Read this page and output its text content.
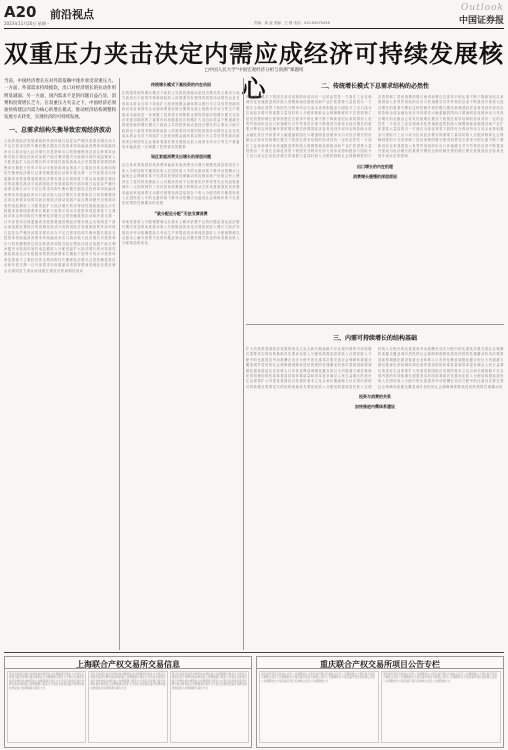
A20 前沿视点
2023年11月20日 星期一	责编：周 凌 美编：王 强 电话：010-63070458
Outlook
中国证券报
双重压力夹击决定内需应成经济可持续发展核心
□中国人民大学“中国宏观经济分析与预测”课题组
当前，中国经济增长在对外需依赖中逐步承受双重压力。一方面，外部需求持续疲软，出口对经济增长的拉动作用明显减弱；另一方面，国内需求不足的问题日益凸显，消费和投资增长乏力。在双重压力夹击之下，中国经济必须加快构建以内需为核心的增长模式，推动经济结构调整和发展方式转变，实现经济的可持续发展。
一、总需求结构失衡导致宏观经济波动
当前我国经济发展面临的外部环境日趋复杂严峻内部需求增长动力不足总需求结构失衡问题长期存在投资率持续偏高消费率持续偏低净出口波动较大经济增长对投资和出口的依赖程度过高这种需求结构导致宏观经济波动加剧产能过剩问题突出资源环境约束趋紧收入分配差距扩大经济增长的可持续性面临挑战从历史数据来看我国消费率长期低于世界平均水平投资率则显著高于主要经济体这种结构性失衡使经济增长过度依赖投资拉动和外需支撑一旦外部需求出现萎缩或者投资增速放缓经济增长就会出现明显下滑从而加剧宏观经济的周期性波动当前我国经济发展面临的外部环境日趋复杂严峻内部需求增长动力不足总需求结构失衡问题长期存在投资率持续偏高消费率持续偏低净出口波动较大经济增长对投资和出口的依赖程度过高这种需求结构导致宏观经济波动加剧产能过剩问题突出资源环境约束趋紧收入分配差距扩大经济增长的可持续性面临挑战从历史数据来看我国消费率长期低于世界平均水平投资率则显著高于主要经济体这种结构性失衡使经济增长过度依赖投资拉动和外需支撑一旦外部需求出现萎缩或者投资增速放缓经济增长就会出现明显下滑从而加剧宏观经济的周期性波动当前我国经济发展面临的外部环境日趋复杂严峻内部需求增长动力不足总需求结构失衡问题长期存在投资率持续偏高消费率持续偏低净出口波动较大经济增长对投资和出口的依赖程度过高这种需求结构导致宏观经济波动加剧产能过剩问题突出资源环境约束趋紧收入分配差距扩大经济增长的可持续性面临挑战从历史数据来看我国消费率长期低于世界平均水平投资率则显著高于主要经济体这种结构性失衡使经济增长过度依赖投资拉动和外需支撑一旦外部需求出现萎缩或者投资增速放缓经济增长就会出现明显下滑从而加剧宏观经济的周期性波动
传统增长模式下高投资的内在动因
在我国传统的增长模式下政府主导的投资驱动是经济增长的主要动力地方政府出于政绩考核和财政收入的需要具有强烈的投资冲动国有企业在低成本资金支持下持续扩大投资规模金融体系以银行为主导信贷资源向政府项目和国有企业倾斜要素价格长期被压低土地资本劳动力等生产要素成本偏低进一步刺激了投资需求的膨胀这种投资驱动型增长模式在经济发展初期发挥了重要作用但随着经济规模扩大其边际效益不断递减在我国传统的增长模式下政府主导的投资驱动是经济增长的主要动力地方政府出于政绩考核和财政收入的需要具有强烈的投资冲动国有企业在低成本资金支持下持续扩大投资规模金融体系以银行为主导信贷资源向政府项目和国有企业倾斜要素价格长期被压低土地资本劳动力等生产要素成本偏低进一步刺激了投资需求的膨胀
误区家庭消费支出增长的深层问题
从总体来看我国居民消费率偏低家庭消费支出增长缓慢其深层原因在于收入分配结构失衡居民收入在国民收入中的比重持续下降劳动报酬占比偏低社会保障体系不完善居民预防性储蓄动机较强房地产价格过快上涨挤压了居民的消费能力公共服务供给不足教育医疗养老等支出负担较重城乡二元结构制约了农村居民消费潜力的释放从总体来看我国居民消费率偏低家庭消费支出增长缓慢其深层原因在于收入分配结构失衡居民收入在国民收入中的比重持续下降劳动报酬占比偏低社会保障体系不完善居民预防性储蓄动机较强
“就分配论分配”无法支撑消费
单纯依靠收入分配调整难以从根本上解决消费不足的问题必须从经济增长模式转变的角度推动收入分配格局的优化实现居民收入增长与经济发展同步劳动报酬提高与劳动生产率提高同步单纯依靠收入分配调整难以从根本上解决消费不足的问题必须从经济增长模式转变的角度推动收入分配格局的优化
二、传统增长模式下总需求结构的必然性
传统增长模式下我国总需求结构的形成具有一定的必然性一方面在工业化和城市化快速推进的阶段大规模基础设施建设和产业扩张需要大量投资另一方面在全球化背景下我国充分利用劳动力成本优势积极参与国际分工出口成为拉动经济增长的重要力量同时收入分配体制和社会保障制度的不完善抑制了居民消费的增长使得消费在总需求中的比重不断下降新世纪以来我国加入世界贸易组织后出口快速增长对外贸易依存度不断提高外需成为经济增长的重要引擎但这种依赖外需的增长模式使我国经济容易受到外部冲击的影响全球金融危机后外部需求大幅萎缩我国出口增速明显放缓净出口对经济增长的贡献由正转负传统增长模式下我国总需求结构的形成具有一定的必然性一方面在工业化和城市化快速推进的阶段大规模基础设施建设和产业扩张需要大量投资另一方面在全球化背景下我国充分利用劳动力成本优势积极参与国际分工出口成为拉动经济增长的重要力量同时收入分配体制和社会保障制度的不完善抑制了居民消费的增长使得消费在总需求中的比重不断下降新世纪以来我国加入世界贸易组织后出口快速增长对外贸易依存度不断提高外需成为经济增长的重要引擎但这种依赖外需的增长模式使我国经济容易受到外部冲击的影响全球金融危机后外部需求大幅萎缩我国出口增速明显放缓净出口对经济增长的贡献由正转负传统增长模式下我国总需求结构的形成具有一定的必然性一方面在工业化和城市化快速推进的阶段大规模基础设施建设和产业扩张需要大量投资另一方面在全球化背景下我国充分利用劳动力成本优势积极参与国际分工出口成为拉动经济增长的重要力量同时收入分配体制和社会保障制度的不完善抑制了居民消费的增长使得消费在总需求中的比重不断下降新世纪以来我国加入世界贸易组织后出口快速增长对外贸易依存度不断提高外需成为经济增长的重要引擎但这种依赖外需的增长模式使我国经济容易受到外部冲击的影响
出口增长的内在机理
消费增长缓慢的深层原因
三、内需可持续增长的结构基础
扩大内需是我国经济发展的基本立足点和长期战略方针实现内需的可持续增长需要坚实的结构基础首先要优化收入分配结构提高居民收入在国民收入分配中的比重提高劳动报酬在初次分配中的比重其次要完善社会保障体系健全覆盖城乡居民的社会保障制度降低居民的预防性储蓄动机再次要推进新型城镇化建设促进农业转移人口市民化释放城镇化蕴含的巨大内需潜力最后要深化供给侧结构性改革提高供给体系质量和效率更好满足人民日益增长的美好生活需要扩大内需是我国经济发展的基本立足点和长期战略方针实现内需的可持续增长需要坚实的结构基础首先要优化收入分配结构提高居民收入在国民收入分配中的比重提高劳动报酬在初次分配中的比重其次要完善社会保障体系健全覆盖城乡居民的社会保障制度降低居民的预防性储蓄动机再次要推进新型城镇化建设促进农业转移人口市民化释放城镇化蕴含的巨大内需潜力最后要深化供给侧结构性改革提高供给体系质量和效率更好满足人民日益增长的美好生活需要扩大内需是我国经济发展的基本立足点和长期战略方针实现内需的可持续增长需要坚实的结构基础首先要优化收入分配结构提高居民收入在国民收入分配中的比重提高劳动报酬在初次分配中的比重其次要完善社会保障体系健全覆盖城乡居民的社会保障制度降低居民的预防性储蓄动机
投资与消费的关系
加快推进内需体系建设
上海联合产权交易所交易信息
项目名称项目编号挂牌价格挂牌起始日挂牌期满日联系方式项目名称项目编号挂牌价格挂牌起始日挂牌期满日联系方式项目名称项目编号挂牌价格挂牌起始日挂牌期满日联系方式项目名称项目编号挂牌价格挂牌起始日挂牌期满日联系方式项目名称项目编号挂牌价格挂牌起始日挂牌期满日联系方式
项目名称项目编号挂牌价格挂牌起始日挂牌期满日联系方式项目名称项目编号挂牌价格挂牌起始日挂牌期满日联系方式项目名称项目编号挂牌价格挂牌起始日挂牌期满日联系方式项目名称项目编号挂牌价格挂牌起始日挂牌期满日联系方式项目名称项目编号挂牌价格挂牌起始日挂牌期满日联系方式
项目名称项目编号挂牌价格挂牌起始日挂牌期满日联系方式项目名称项目编号挂牌价格挂牌起始日挂牌期满日联系方式项目名称项目编号挂牌价格挂牌起始日挂牌期满日联系方式项目名称项目编号挂牌价格挂牌起始日挂牌期满日联系方式项目名称项目编号挂牌价格挂牌起始日挂牌期满日联系方式
重庆联合产权交易所项目公告专栏
项目编号项目名称转让底价公告期限转让方项目编号项目名称转让底价公告期限转让方项目编号项目名称转让底价公告期限转让方项目编号项目名称转让底价公告期限转让方项目编号项目名称转让底价公告期限转让方项目编号项目名称转让底价公告期限转让方
项目编号项目名称转让底价公告期限转让方项目编号项目名称转让底价公告期限转让方项目编号项目名称转让底价公告期限转让方项目编号项目名称转让底价公告期限转让方项目编号项目名称转让底价公告期限转让方项目编号项目名称转让底价公告期限转让方
